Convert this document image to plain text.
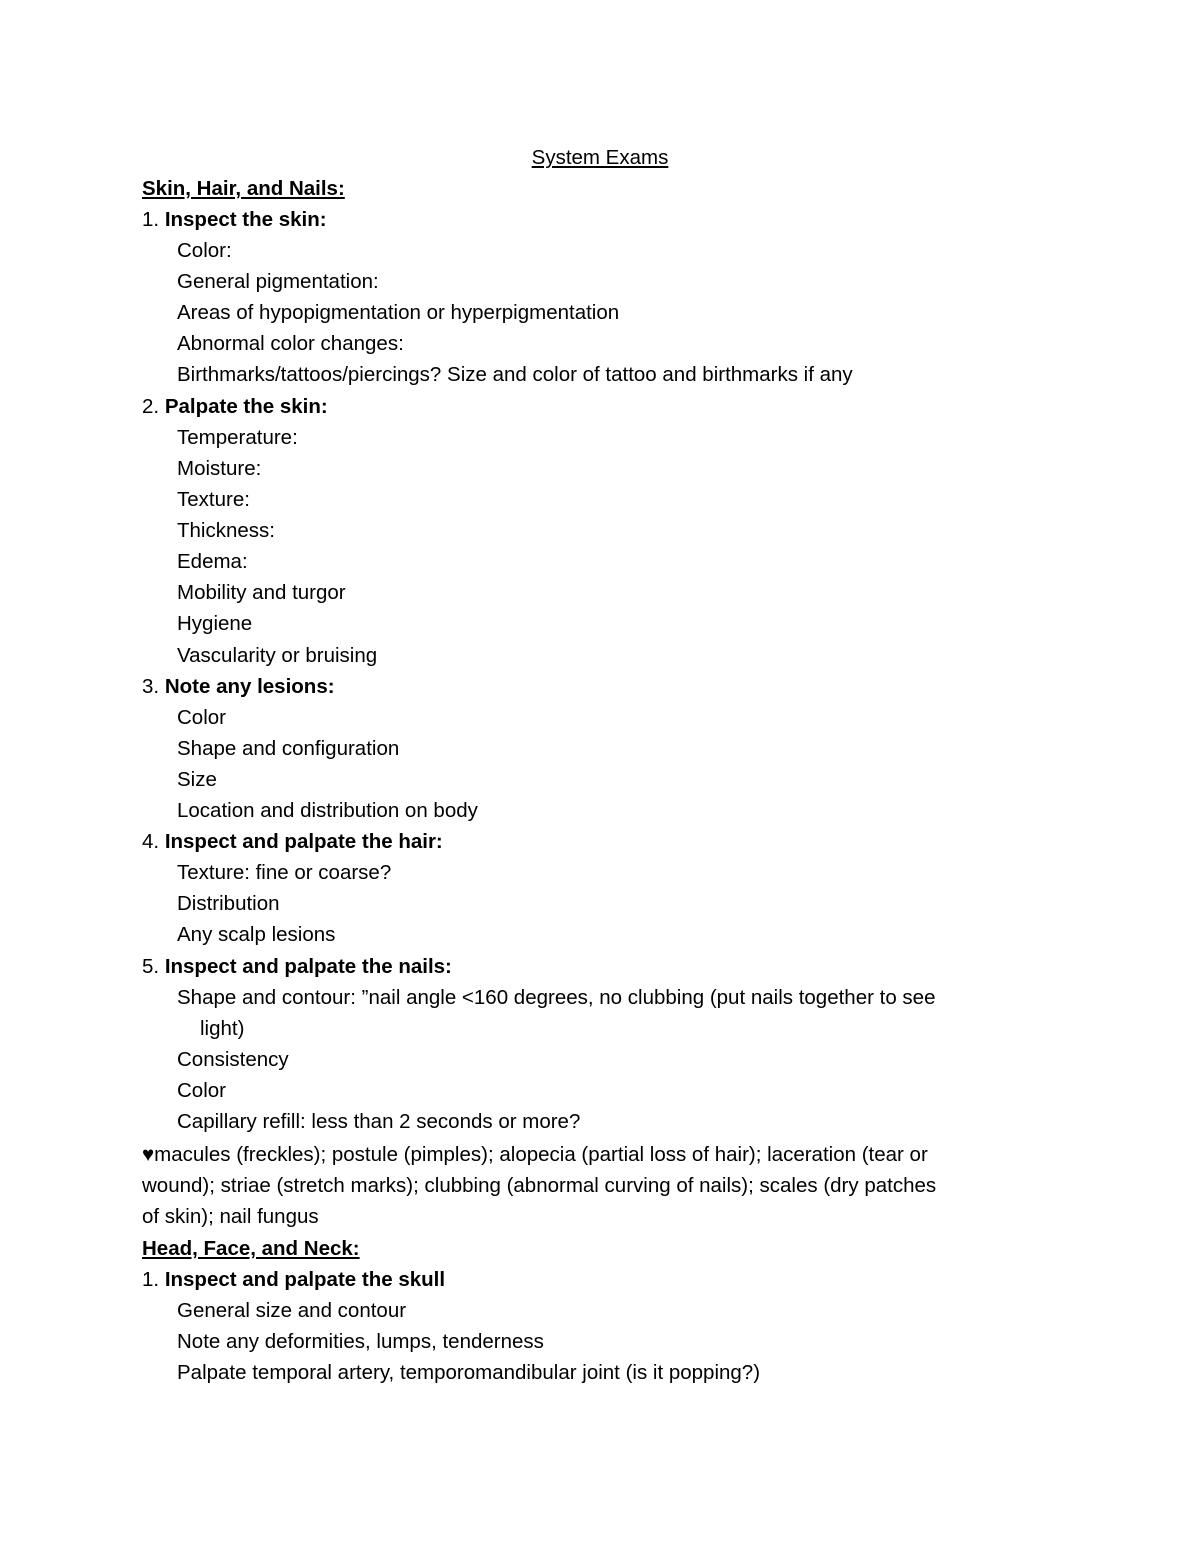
System Exams
Skin, Hair, and Nails:
1. Inspect the skin:
Color:
General pigmentation:
Areas of hypopigmentation or hyperpigmentation
Abnormal color changes:
Birthmarks/tattoos/piercings? Size and color of tattoo and birthmarks if any
2. Palpate the skin:
Temperature:
Moisture:
Texture:
Thickness:
Edema:
Mobility and turgor
Hygiene
Vascularity or bruising
3. Note any lesions:
Color
Shape and configuration
Size
Location and distribution on body
4. Inspect and palpate the hair:
Texture: fine or coarse?
Distribution
Any scalp lesions
5. Inspect and palpate the nails:
Shape and contour: ”nail angle <160 degrees, no clubbing (put nails together to see
light)
Consistency
Color
Capillary refill: less than 2 seconds or more?
♥macules (freckles); postule (pimples); alopecia (partial loss of hair); laceration (tear or
wound); striae (stretch marks); clubbing (abnormal curving of nails); scales (dry patches
of skin); nail fungus
Head, Face, and Neck:
1. Inspect and palpate the skull
General size and contour
Note any deformities, lumps, tenderness
Palpate temporal artery, temporomandibular joint (is it popping?)
